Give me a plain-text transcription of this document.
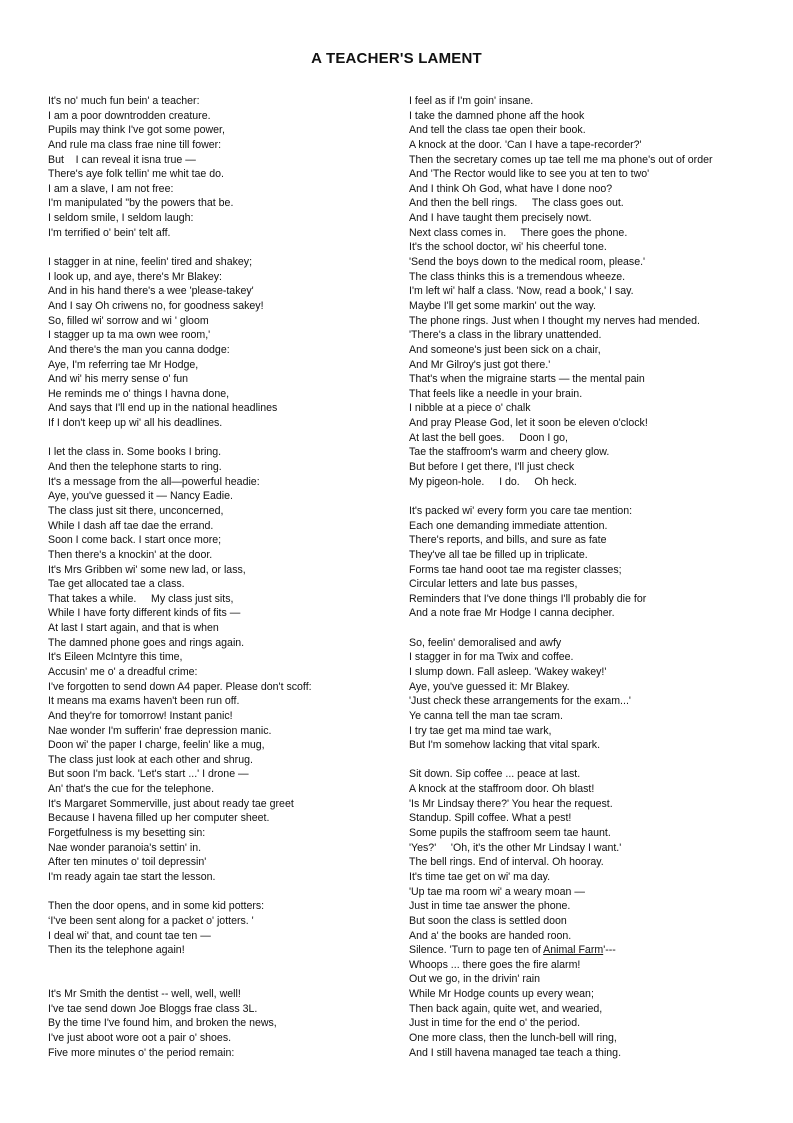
A TEACHER'S LAMENT
It's no' much fun bein' a teacher:
I am a poor downtrodden creature.
Pupils may think I've got some power,
And rule ma class frae nine till fower:
But    I can reveal it isna true —
There's aye folk tellin' me whit tae do.
I am a slave, I am not free:
I'm manipulated "by the powers that be.
I seldom smile, I seldom laugh:
I'm terrified o' bein' telt aff.
I stagger in at nine, feelin' tired and shakey;
I look up, and aye, there's Mr Blakey:
And in his hand there's a wee 'please-takey'
And I say Oh criwens no, for goodness sakey!
So, filled wi' sorrow and wi ' gloom
I stagger up ta ma own wee room,'
And there's the man you canna dodge:
Aye, I'm referring tae Mr Hodge,
And wi' his merry sense o' fun
He reminds me o' things I havna done,
And says that I'll end up in the national headlines
If I don't keep up wi' all his deadlines.
I let the class in. Some books I bring.
And then the telephone starts to ring.
It's a message from the all—powerful headie:
Aye, you've guessed it — Nancy Eadie.
The class just sit there, unconcerned,
While I dash aff tae dae the errand.
Soon I come back. I start once more;
Then there's a knockin' at the door.
It's Mrs Gribben wi' some new lad, or lass,
Tae get allocated tae a class.
That takes a while.     My class just sits,
While I have forty different kinds of fits —
At last I start again, and that is when
The damned phone goes and rings again.
It's Eileen McIntyre this time,
Accusin' me o' a dreadful crime:
I've forgotten to send down A4 paper. Please don't scoff:
It means ma exams haven't been run off.
And they're for tomorrow! Instant panic!
Nae wonder I'm sufferin' frae depression manic.
Doon wi' the paper I charge, feelin' like a mug,
The class just look at each other and shrug.
But soon I'm back. 'Let's start ...' I drone —
An' that's the cue for the telephone.
It's Margaret Sommerville, just about ready tae greet
Because I havena filled up her computer sheet.
Forgetfulness is my besetting sin:
Nae wonder paranoia's settin' in.
After ten minutes o' toil depressin'
I'm ready again tae start the lesson.
Then the door opens, and in some kid potters:
‘I've been sent along for a packet o' jotters. '
I deal wi' that, and count tae ten —
Then its the telephone again!
It's Mr Smith the dentist -- well, well, well!
I've tae send down Joe Bloggs frae class 3L.
By the time I've found him, and broken the news,
I've just aboot wore oot a pair o' shoes.
Five more minutes o' the period remain:
I feel as if I'm goin' insane.
I take the damned phone aff the hook
And tell the class tae open their book.
A knock at the door. 'Can I have a tape-recorder?'
Then the secretary comes up tae tell me ma phone's out of order
And 'The Rector would like to see you at ten to two'
And I think Oh God, what have I done noo?
And then the bell rings.     The class goes out.
And I have taught them precisely nowt.
Next class comes in.     There goes the phone.
It's the school doctor, wi' his cheerful tone.
'Send the boys down to the medical room, please.'
The class thinks this is a tremendous wheeze.
I'm left wi' half a class. 'Now, read a book,' I say.
Maybe I'll get some markin' out the way.
The phone rings. Just when I thought my nerves had mended.
'There's a class in the library unattended.
And someone's just been sick on a chair,
And Mr Gilroy's just got there.'
That's when the migraine starts — the mental pain
That feels like a needle in your brain.
I nibble at a piece o' chalk
And pray Please God, let it soon be eleven o'clock!
At last the bell goes.     Doon I go,
Tae the staffroom's warm and cheery glow.
But before I get there, I'll just check
My pigeon-hole.     I do.     Oh heck.
It's packed wi' every form you care tae mention:
Each one demanding immediate attention.
There's reports, and bills, and sure as fate
They've all tae be filled up in triplicate.
Forms tae hand ooot tae ma register classes;
Circular letters and late bus passes,
Reminders that I've done things I'll probably die for
And a note frae Mr Hodge I canna decipher.
So, feelin' demoralised and awfy
I stagger in for ma Twix and coffee.
I slump down. Fall asleep. 'Wakey wakey!'
Aye, you've guessed it: Mr Blakey.
'Just check these arrangements for the exam...'
Ye canna tell the man tae scram.
I try tae get ma mind tae wark,
But I'm somehow lacking that vital spark.
Sit down. Sip coffee ... peace at last.
A knock at the staffroom door. Oh blast!
'Is Mr Lindsay there?' You hear the request.
Standup. Spill coffee. What a pest!
Some pupils the staffroom seem tae haunt.
'Yes?'     'Oh, it's the other Mr Lindsay I want.'
The bell rings. End of interval. Oh hooray.
It's time tae get on wi' ma day.
'Up tae ma room wi' a weary moan —
Just in time tae answer the phone.
But soon the class is settled doon
And a' the books are handed roon.
Silence. 'Turn to page ten of Animal Farm'---
Whoops ... there goes the fire alarm!
Out we go, in the drivin' rain
While Mr Hodge counts up every wean;
Then back again, quite wet, and wearied,
Just in time for the end o' the period.
One more class, then the lunch-bell will ring,
And I still havena managed tae teach a thing.
